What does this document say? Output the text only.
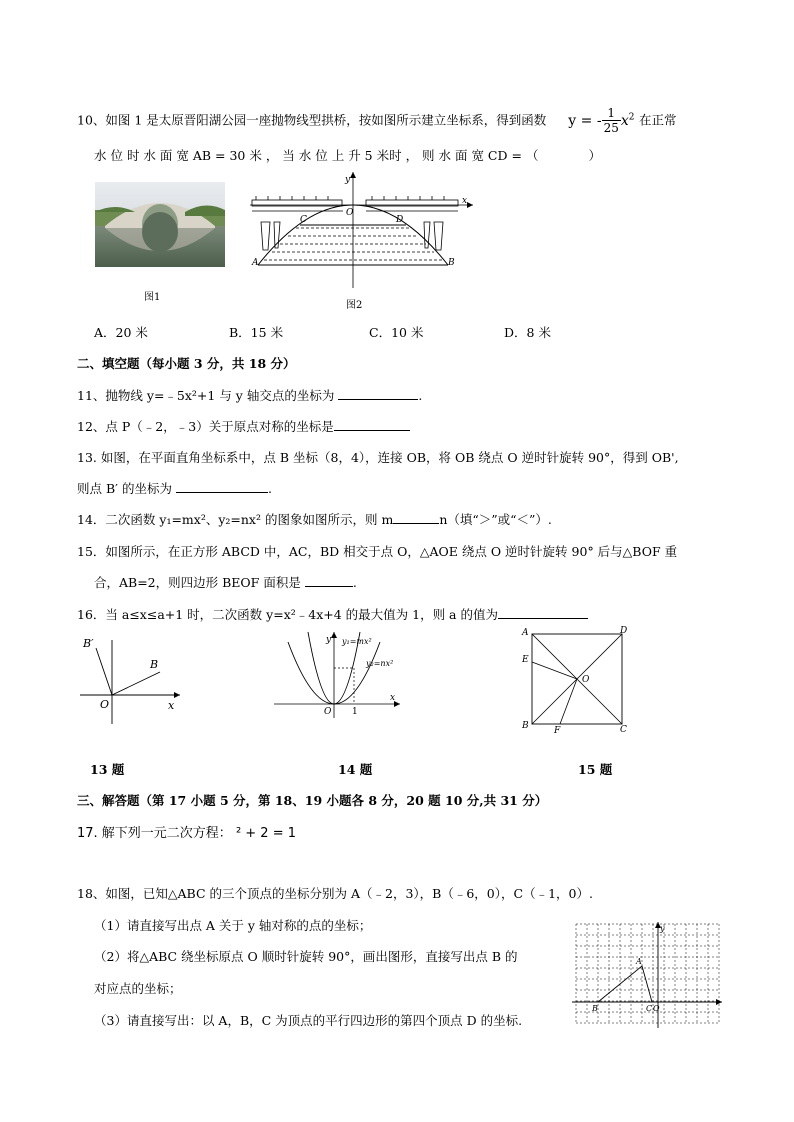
10、如图 1 是太原晋阳湖公园一座抛物线型拱桥，按如图所示建立坐标系，得到函数 y = - $\frac{1}{25} x^2$ 在正常
水 位 时 水 面 宽 AB = 30 米 ， 当 水 位 上 升 5 米时 ， 则 水 面 宽 CD = （　　　　）
图1
y
x
O
C	D
A	B
图2
A．20 米	B．15 米	C．10 米	D．8 米
二、填空题（每小题 3 分，共 18 分）
11、抛物线 y=﹣5x²+1 与 y 轴交点的坐标为	.
12、点 P（﹣2，﹣3）关于原点对称的坐标是
13. 如图，在平面直角坐标系中，点 B 坐标（8，4），连接 OB，将 OB 绕点 O 逆时针旋转 90°，得到 OB',
则点 B′ 的坐标为	.
14．二次函数 y₁=mx²、y₂=nx² 的图象如图所示，则 m	n（填“＞”或“＜”）.
15．如图所示，在正方形 ABCD 中，AC，BD 相交于点 O，△AOE 绕点 O 逆时针旋转 90° 后与△BOF 重
合，AB=2，则四边形 BEOF 面积是	.
16．当 a≤x≤a+1 时，二次函数 y=x²﹣4x+4 的最大值为 1，则 a 的值为
B′
B
O	x
y y₁=mx²
y₂=nx²
O 1
x
A	D
E
O
B	F	C
13 题	14 题	15 题
三、解答题（第 17 小题 5 分，第 18、19 小题各 8 分，20 题 10 分,共 31 分）
17. 解下列一元二次方程： ² + 2 = 1
18、如图，已知△ABC 的三个顶点的坐标分别为 A（﹣2，3），B（﹣6，0），C（﹣1，0）.
（1）请直接写出点 A 关于 y 轴对称的点的坐标；
（2）将△ABC 绕坐标原点 O 顺时针旋转 90°，画出图形，直接写出点 B 的
对应点的坐标；
（3）请直接写出：以 A，B，C 为顶点的平行四边形的第四个顶点 D 的坐标.
y
A
B	C O
